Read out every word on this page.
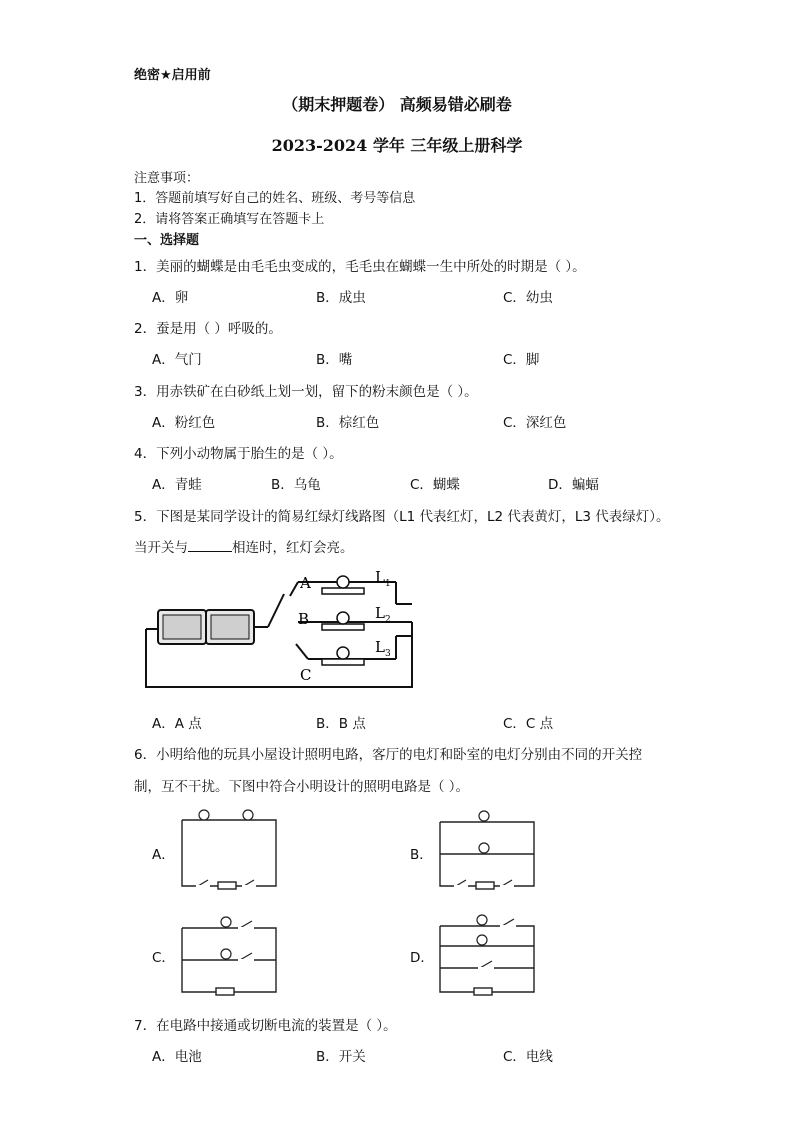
绝密★启用前
（期末押题卷） 高频易错必刷卷
2023-2024 学年 三年级上册科学
注意事项：
1．答题前填写好自己的姓名、班级、考号等信息
2．请将答案正确填写在答题卡上
一、选择题
1．美丽的蝴蝶是由毛毛虫变成的，毛毛虫在蝴蝶一生中所处的时期是（ ）。
A．卵	B．成虫	C．幼虫
2．蚕是用（ ）呼吸的。
A．气门	B．嘴	C．脚
3．用赤铁矿在白砂纸上划一划，留下的粉末颜色是（ ）。
A．粉红色	B．棕红色	C．深红色
4．下列小动物属于胎生的是（ ）。
A．青蛙	B．乌龟	C．蝴蝶	D．蝙蝠
5．下图是某同学设计的简易红绿灯线路图（L1 代表红灯，L2 代表黄灯，L3 代表绿灯）。
当开关与	相连时，红灯会亮。
A
B
C
$L_1$
$L_2$
$L_3$
A．A 点	B．B 点	C．C 点
6．小明给他的玩具小屋设计照明电路，客厅的电灯和卧室的电灯分别由不同的开关控
制，互不干扰。下图中符合小明设计的照明电路是（ ）。
A．	B．
C．	D．
7．在电路中接通或切断电流的装置是（ ）。
A．电池	B．开关	C．电线
